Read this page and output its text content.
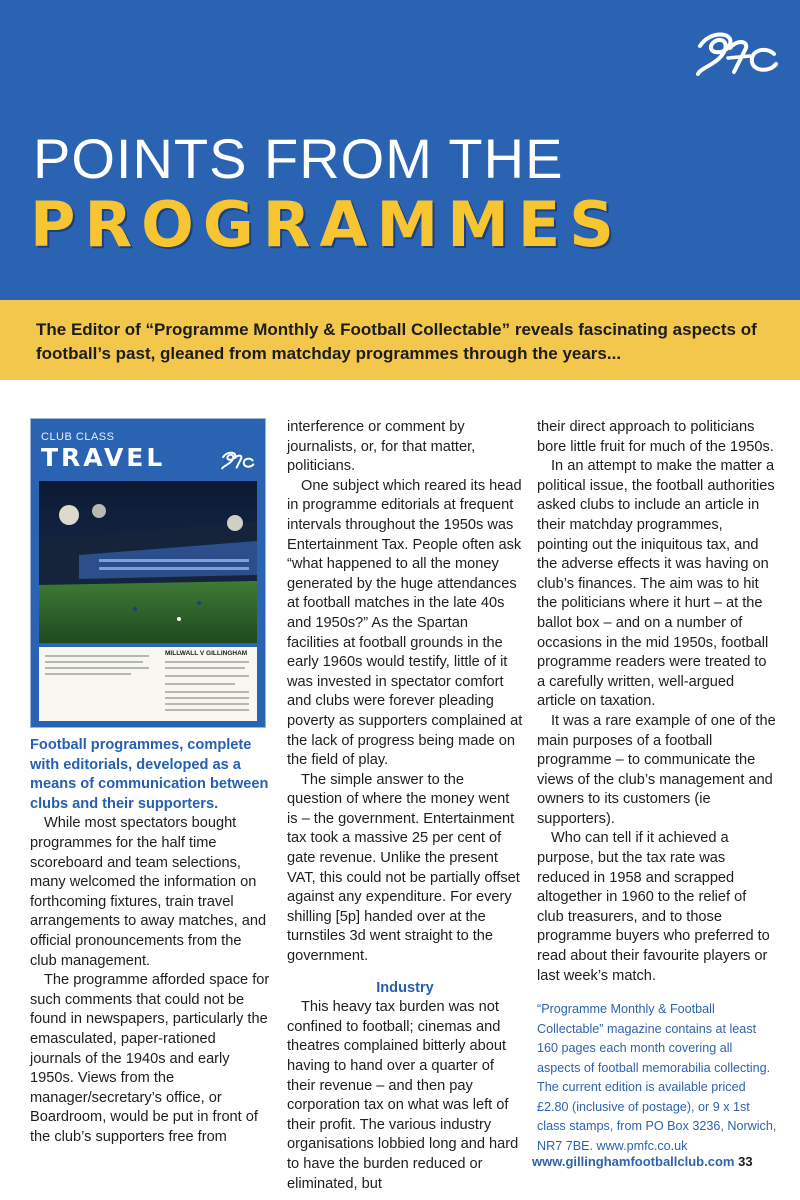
POINTS FROM THE
PROGRAMMES
The Editor of “Programme Monthly & Football Collectable” reveals fascinating aspects of football’s past, gleaned from matchday programmes through the years...
CLUB CLASS
TRAVEL
MILLWALL V GILLINGHAM

Football programmes, complete with editorials, developed as a means of communication between clubs and their supporters.

While most spectators bought programmes for the half time scoreboard and team selections, many welcomed the information on forthcoming fixtures, train travel arrangements to away matches, and official pronouncements from the club management.

The programme afforded space for such comments that could not be found in newspapers, particularly the emasculated, paper-rationed journals of the 1940s and early 1950s. Views from the manager/secretary’s office, or Boardroom, would be put in front of the club’s supporters free from

interference or comment by journalists, or, for that matter, politicians.

One subject which reared its head in programme editorials at frequent intervals throughout the 1950s was Entertainment Tax. People often ask “what happened to all the money generated by the huge attendances at football matches in the late 40s and 1950s?” As the Spartan facilities at football grounds in the early 1960s would testify, little of it was invested in spectator comfort and clubs were forever pleading poverty as supporters complained at the lack of progress being made on the field of play.

The simple answer to the question of where the money went is – the government. Entertainment tax took a massive 25 per cent of gate revenue. Unlike the present VAT, this could not be partially offset against any expenditure. For every shilling [5p] handed over at the turnstiles 3d went straight to the government.

Industry

This heavy tax burden was not confined to football; cinemas and theatres complained bitterly about having to hand over a quarter of their revenue – and then pay corporation tax on what was left of their profit. The various industry organisations lobbied long and hard to have the burden reduced or eliminated, but

their direct approach to politicians bore little fruit for much of the 1950s.

In an attempt to make the matter a political issue, the football authorities asked clubs to include an article in their matchday programmes, pointing out the iniquitous tax, and the adverse effects it was having on club’s finances. The aim was to hit the politicians where it hurt – at the ballot box – and on a number of occasions in the mid 1950s, football programme readers were treated to a carefully written, well-argued article on taxation.

It was a rare example of one of the main purposes of a football programme – to communicate the views of the club’s management and owners to its customers (ie supporters).

Who can tell if it achieved a purpose, but the tax rate was reduced in 1958 and scrapped altogether in 1960 to the relief of club treasurers, and to those programme buyers who preferred to read about their favourite players or last week’s match.

“Programme Monthly & Football Collectable” magazine contains at least 160 pages each month covering all aspects of football memorabilia collecting. The current edition is available priced £2.80 (inclusive of postage), or 9 x 1st class stamps, from PO Box 3236, Norwich, NR7 7BE. www.pmfc.co.uk

www.gillinghamfootballclub.com 33
